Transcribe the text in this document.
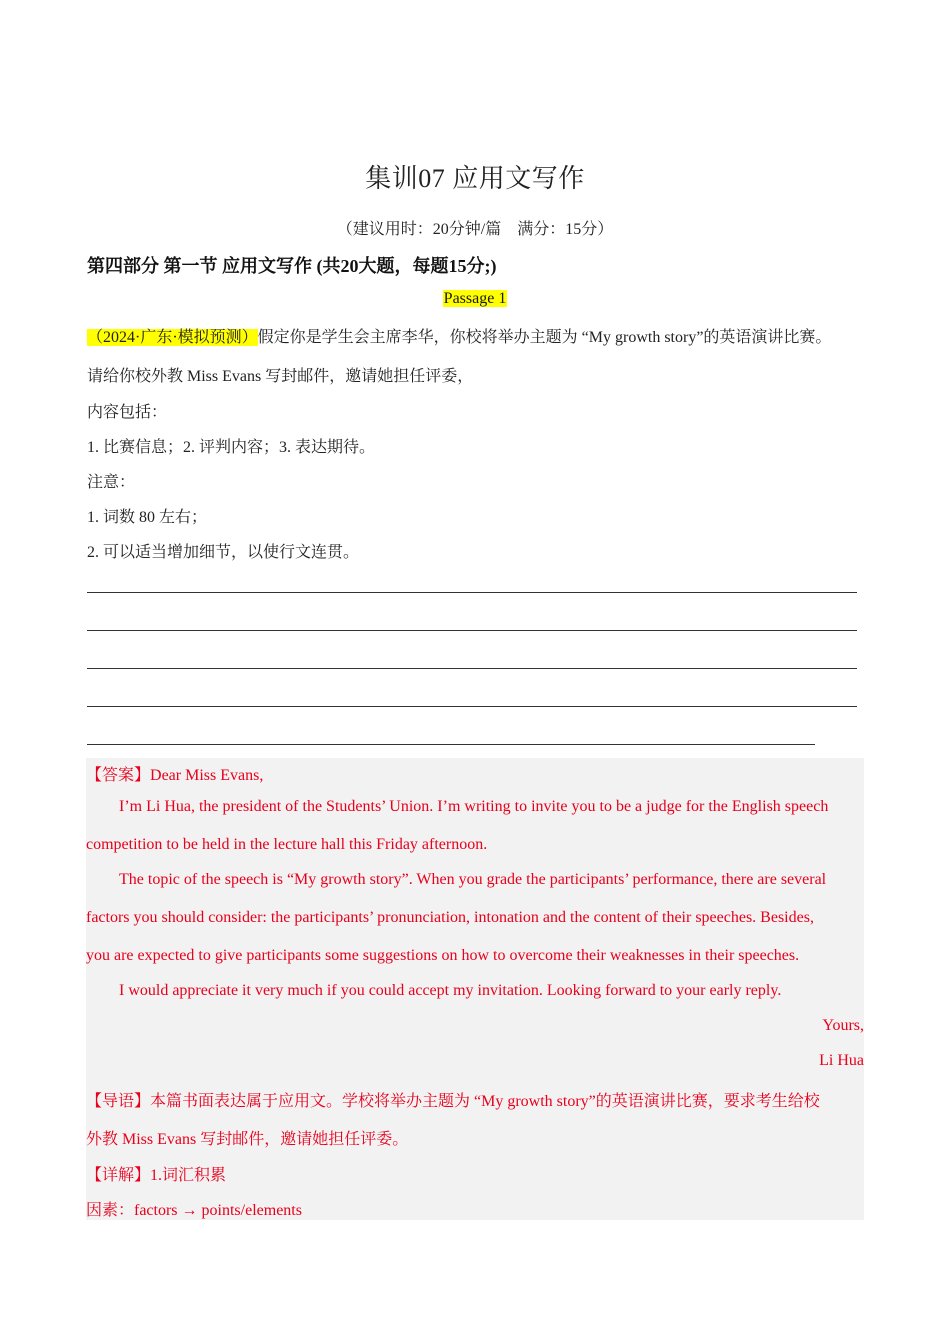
集训07 应用文写作
（建议用时：20分钟/篇　满分：15分）
第四部分 第一节 应用文写作 (共20大题，每题15分;)
Passage 1
（2024·广东·模拟预测）假定你是学生会主席李华，你校将举办主题为 “My growth story”的英语演讲比赛。
请给你校外教 Miss Evans 写封邮件，邀请她担任评委，
内容包括：
1. 比赛信息；2. 评判内容；3. 表达期待。
注意：
1. 词数 80 左右；
2. 可以适当增加细节，以使行文连贯。
【答案】Dear Miss Evans,
I’m Li Hua, the president of the Students’ Union. I’m writing to invite you to be a judge for the English speech
competition to be held in the lecture hall this Friday afternoon.
The topic of the speech is “My growth story”. When you grade the participants’ performance, there are several
factors you should consider: the participants’ pronunciation, intonation and the content of their speeches. Besides,
you are expected to give participants some suggestions on how to overcome their weaknesses in their speeches.
I would appreciate it very much if you could accept my invitation. Looking forward to your early reply.
Yours,
Li Hua
【导语】本篇书面表达属于应用文。学校将举办主题为 “My growth story”的英语演讲比赛，要求考生给校
外教 Miss Evans 写封邮件，邀请她担任评委。
【详解】1.词汇积累
因素：factors → points/elements
